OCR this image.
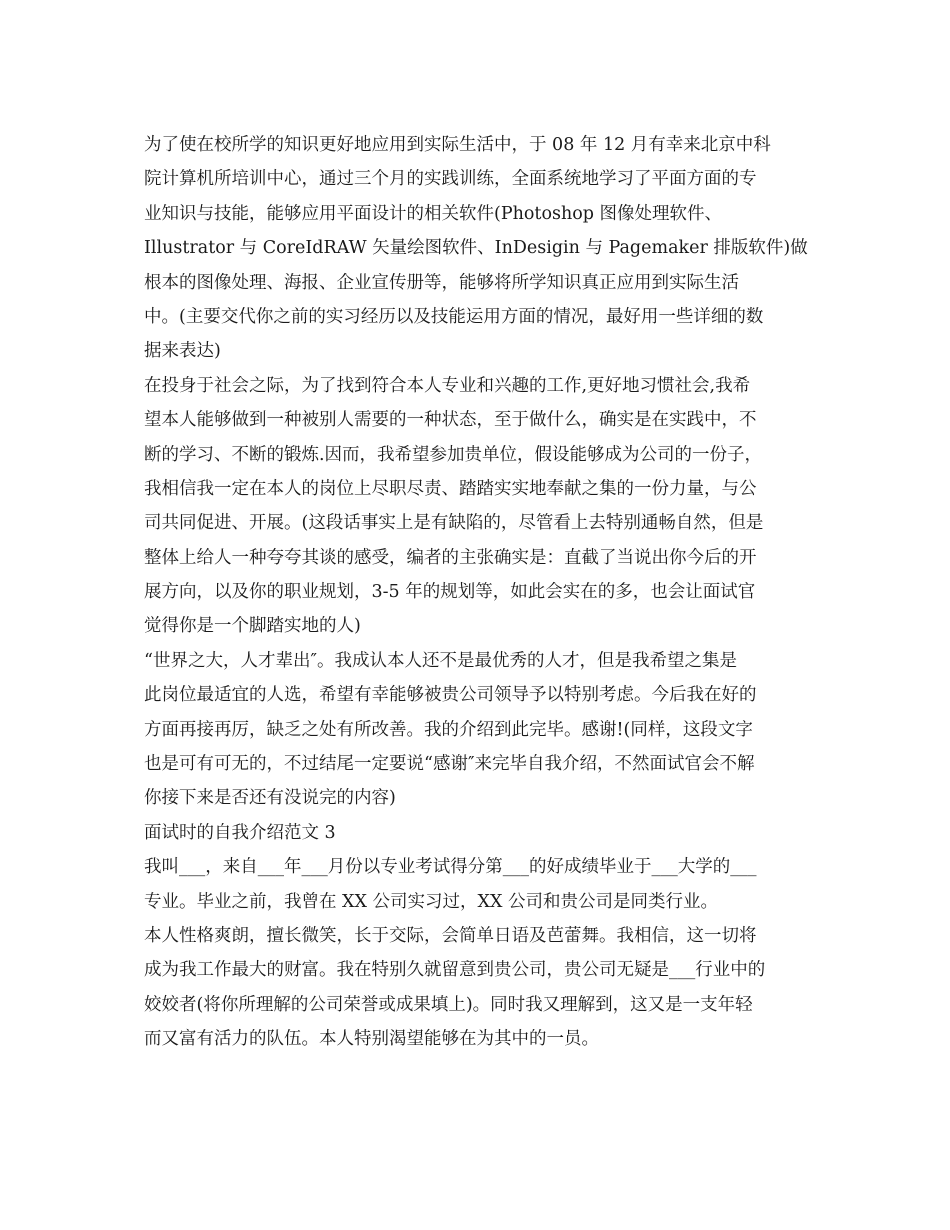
为了使在校所学的知识更好地应用到实际生活中，于 08 年 12 月有幸来北京中科
院计算机所培训中心，通过三个月的实践训练，全面系统地学习了平面方面的专
业知识与技能，能够应用平面设计的相关软件(Photoshop 图像处理软件、
Illustrator 与 CoreIdRAW 矢量绘图软件、InDesigin 与 Pagemaker 排版软件)做
根本的图像处理、海报、企业宣传册等，能够将所学知识真正应用到实际生活
中。(主要交代你之前的实习经历以及技能运用方面的情况，最好用一些详细的数
据来表达)
在投身于社会之际，为了找到符合本人专业和兴趣的工作,更好地习惯社会,我希
望本人能够做到一种被别人需要的一种状态，至于做什么，确实是在实践中，不
断的学习、不断的锻炼.因而，我希望参加贵单位，假设能够成为公司的一份子，
我相信我一定在本人的岗位上尽职尽责、踏踏实实地奉献之集的一份力量，与公
司共同促进、开展。(这段话事实上是有缺陷的，尽管看上去特别通畅自然，但是
整体上给人一种夸夸其谈的感受，编者的主张确实是：直截了当说出你今后的开
展方向，以及你的职业规划，3-5 年的规划等，如此会实在的多，也会让面试官
觉得你是一个脚踏实地的人)
“世界之大，人才辈出″。我成认本人还不是最优秀的人才，但是我希望之集是
此岗位最适宜的人选，希望有幸能够被贵公司领导予以特别考虑。今后我在好的
方面再接再厉，缺乏之处有所改善。我的介绍到此完毕。感谢!(同样，这段文字
也是可有可无的，不过结尾一定要说“感谢″来完毕自我介绍，不然面试官会不解
你接下来是否还有没说完的内容)
面试时的自我介绍范文 3
我叫___，来自___年___月份以专业考试得分第___的好成绩毕业于___大学的___
专业。毕业之前，我曾在 XX 公司实习过，XX 公司和贵公司是同类行业。
本人性格爽朗，擅长微笑，长于交际，会简单日语及芭蕾舞。我相信，这一切将
成为我工作最大的财富。我在特别久就留意到贵公司，贵公司无疑是___行业中的
姣姣者(将你所理解的公司荣誉或成果填上)。同时我又理解到，这又是一支年轻
而又富有活力的队伍。本人特别渴望能够在为其中的一员。
